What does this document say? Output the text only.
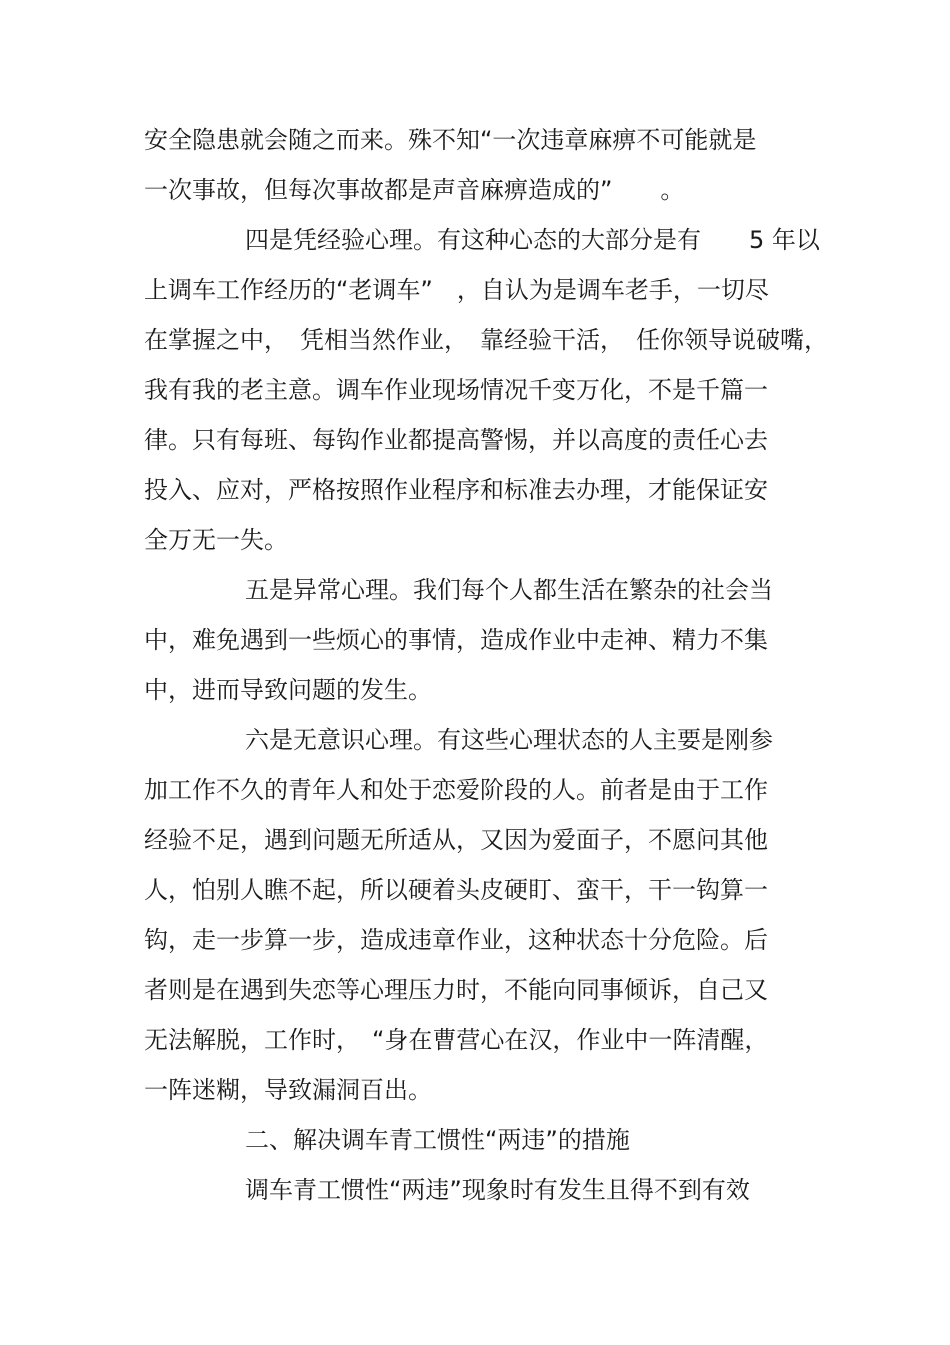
安全隐患就会随之而来。殊不知“一次违章麻痹不可能就是
一次事故，但每次事故都是声音麻痹造成的”　　。
四是凭经验心理。有这种心态的大部分是有　　5 年以
上调车工作经历的“老调车”　，自认为是调车老手，一切尽
在掌握之中，　凭相当然作业，　靠经验干活，　任你领导说破嘴，
我有我的老主意。调车作业现场情况千变万化，不是千篇一
律。只有每班、每钩作业都提高警惕，并以高度的责任心去
投入、应对，严格按照作业程序和标准去办理，才能保证安
全万无一失。
五是异常心理。我们每个人都生活在繁杂的社会当
中，难免遇到一些烦心的事情，造成作业中走神、精力不集
中，进而导致问题的发生。
六是无意识心理。有这些心理状态的人主要是刚参
加工作不久的青年人和处于恋爱阶段的人。前者是由于工作
经验不足，遇到问题无所适从，又因为爱面子，不愿问其他
人，怕别人瞧不起，所以硬着头皮硬盯、蛮干，干一钩算一
钩，走一步算一步，造成违章作业，这种状态十分危险。后
者则是在遇到失恋等心理压力时，不能向同事倾诉，自己又
无法解脱，工作时，　“身在曹营心在汉，作业中一阵清醒，
一阵迷糊，导致漏洞百出。
二、解决调车青工惯性“两违”的措施
调车青工惯性“两违”现象时有发生且得不到有效
